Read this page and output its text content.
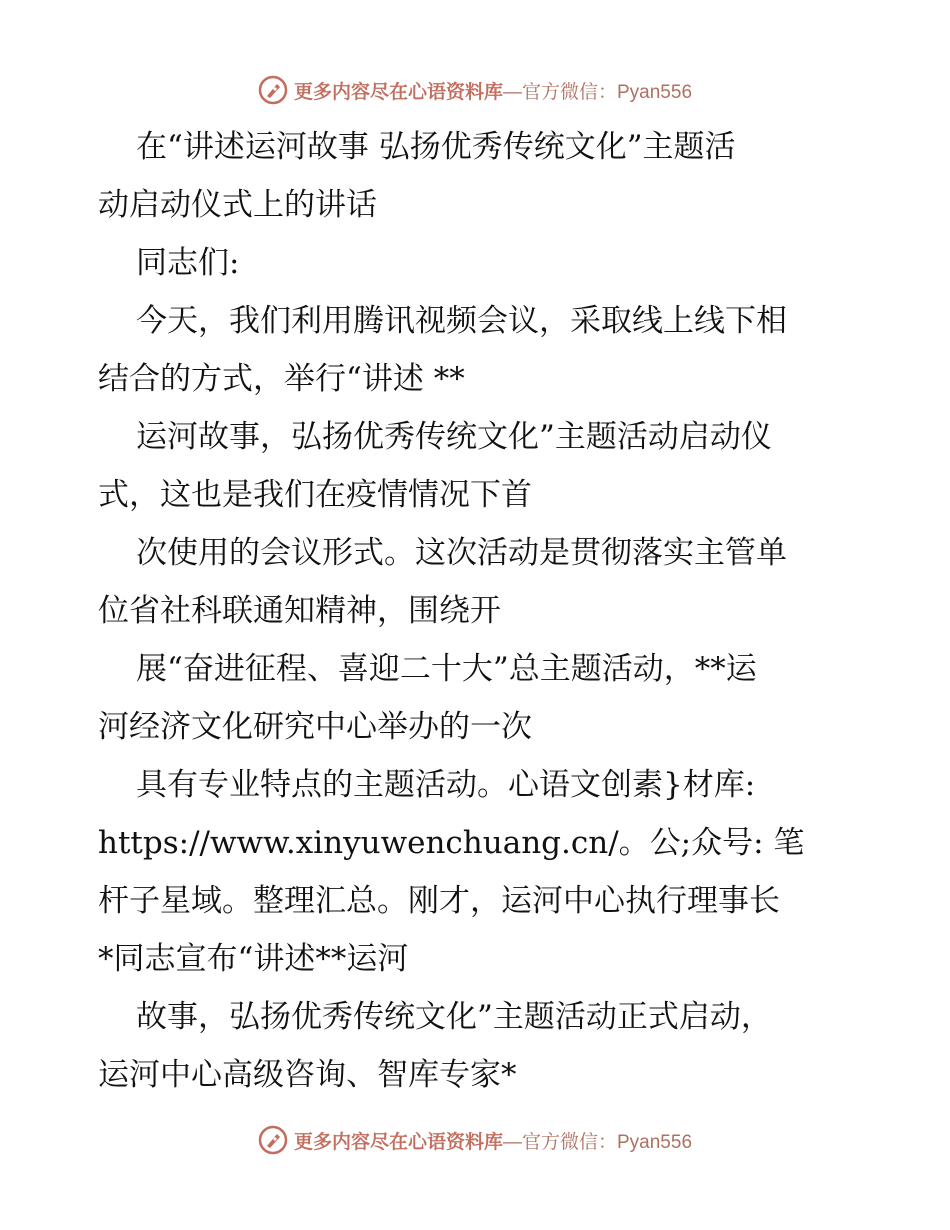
更多内容尽在心语资料库—官方微信：Pyan556
在“讲述运河故事 弘扬优秀传统文化”主题活
动启动仪式上的讲话
同志们:
今天，我们利用腾讯视频会议，采取线上线下相
结合的方式，举行“讲述 **
运河故事，弘扬优秀传统文化”主题活动启动仪
式，这也是我们在疫情情况下首
次使用的会议形式。这次活动是贯彻落实主管单
位省社科联通知精神，围绕开
展“奋进征程、喜迎二十大”总主题活动，**运
河经济文化研究中心举办的一次
具有专业特点的主题活动。心语文创素}材库:
https://www.xinyuwenchuang.cn/。公;众号: 笔
杆子星域。整理汇总。刚才，运河中心执行理事长
*同志宣布“讲述**运河
故事，弘扬优秀传统文化”主题活动正式启动，
运河中心高级咨询、智库专家*
更多内容尽在心语资料库—官方微信：Pyan556
